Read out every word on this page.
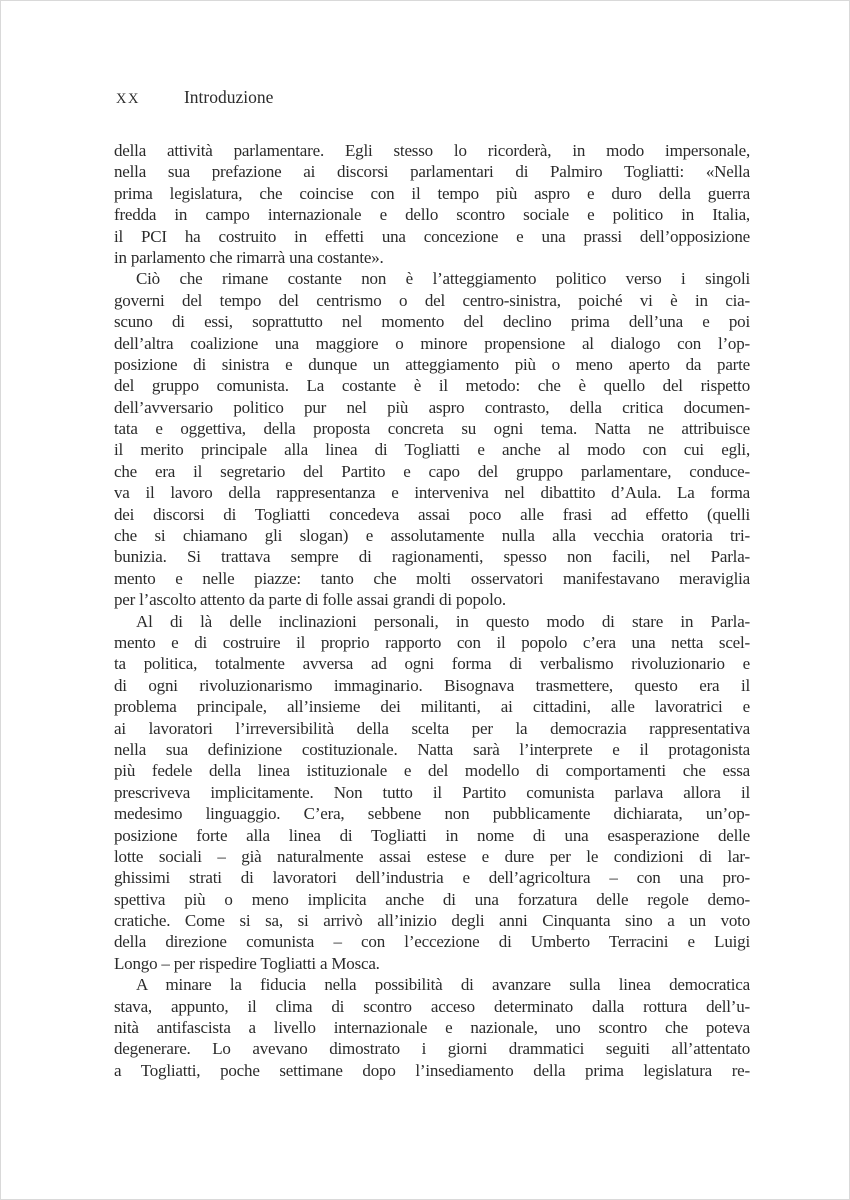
XX	Introduzione
della attività parlamentare. Egli stesso lo ricorderà, in modo impersonale,
nella sua prefazione ai discorsi parlamentari di Palmiro Togliatti: «Nella
prima legislatura, che coincise con il tempo più aspro e duro della guerra
fredda in campo internazionale e dello scontro sociale e politico in Italia,
il PCI ha costruito in effetti una concezione e una prassi dell’opposizione
in parlamento che rimarrà una costante».
Ciò che rimane costante non è l’atteggiamento politico verso i singoli
governi del tempo del centrismo o del centro-sinistra, poiché vi è in cia-
scuno di essi, soprattutto nel momento del declino prima dell’una e poi
dell’altra coalizione una maggiore o minore propensione al dialogo con l’op-
posizione di sinistra e dunque un atteggiamento più o meno aperto da parte
del gruppo comunista. La costante è il metodo: che è quello del rispetto
dell’avversario politico pur nel più aspro contrasto, della critica documen-
tata e oggettiva, della proposta concreta su ogni tema. Natta ne attribuisce
il merito principale alla linea di Togliatti e anche al modo con cui egli,
che era il segretario del Partito e capo del gruppo parlamentare, conduce-
va il lavoro della rappresentanza e interveniva nel dibattito d’Aula. La forma
dei discorsi di Togliatti concedeva assai poco alle frasi ad effetto (quelli
che si chiamano gli slogan) e assolutamente nulla alla vecchia oratoria tri-
bunizia. Si trattava sempre di ragionamenti, spesso non facili, nel Parla-
mento e nelle piazze: tanto che molti osservatori manifestavano meraviglia
per l’ascolto attento da parte di folle assai grandi di popolo.
Al di là delle inclinazioni personali, in questo modo di stare in Parla-
mento e di costruire il proprio rapporto con il popolo c’era una netta scel-
ta politica, totalmente avversa ad ogni forma di verbalismo rivoluzionario e
di ogni rivoluzionarismo immaginario. Bisognava trasmettere, questo era il
problema principale, all’insieme dei militanti, ai cittadini, alle lavoratrici e
ai lavoratori l’irreversibilità della scelta per la democrazia rappresentativa
nella sua definizione costituzionale. Natta sarà l’interprete e il protagonista
più fedele della linea istituzionale e del modello di comportamenti che essa
prescriveva implicitamente. Non tutto il Partito comunista parlava allora il
medesimo linguaggio. C’era, sebbene non pubblicamente dichiarata, un’op-
posizione forte alla linea di Togliatti in nome di una esasperazione delle
lotte sociali – già naturalmente assai estese e dure per le condizioni di lar-
ghissimi strati di lavoratori dell’industria e dell’agricoltura – con una pro-
spettiva più o meno implicita anche di una forzatura delle regole demo-
cratiche. Come si sa, si arrivò all’inizio degli anni Cinquanta sino a un voto
della direzione comunista – con l’eccezione di Umberto Terracini e Luigi
Longo – per rispedire Togliatti a Mosca.
A minare la fiducia nella possibilità di avanzare sulla linea democratica
stava, appunto, il clima di scontro acceso determinato dalla rottura dell’u-
nità antifascista a livello internazionale e nazionale, uno scontro che poteva
degenerare. Lo avevano dimostrato i giorni drammatici seguiti all’attentato
a Togliatti, poche settimane dopo l’insediamento della prima legislatura re-
